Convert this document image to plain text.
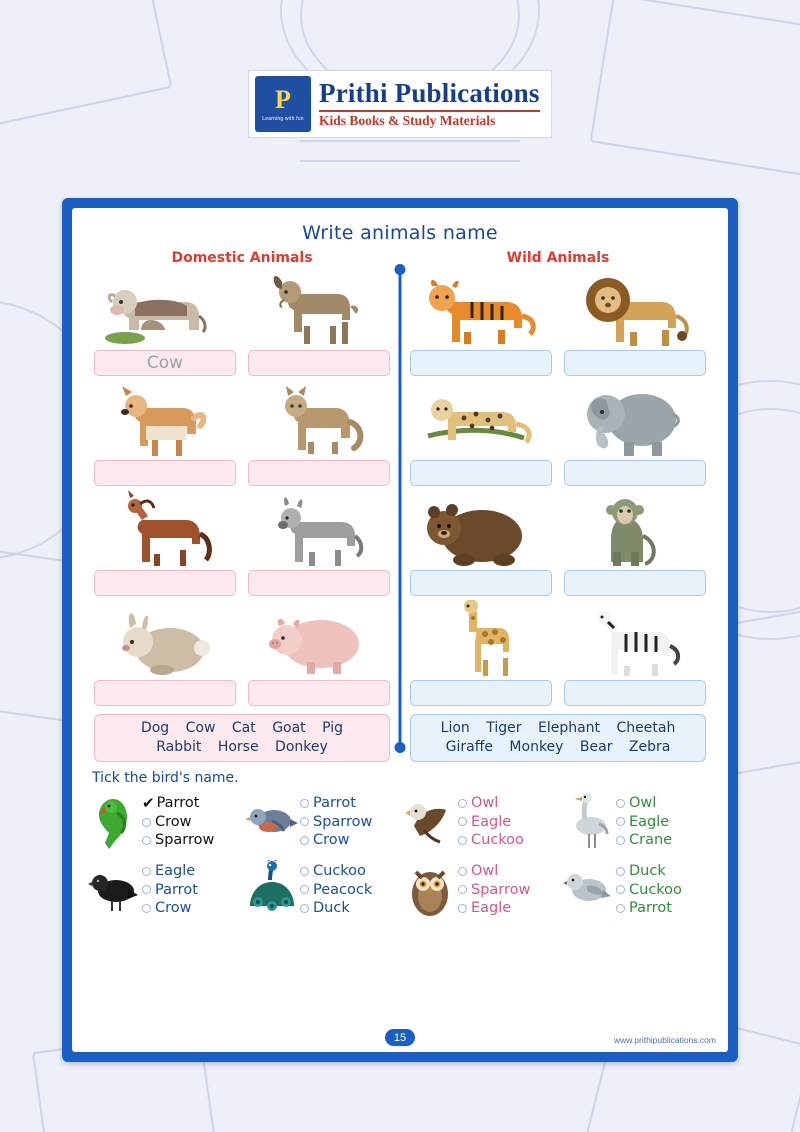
P
Learning with fun
Prithi Publications
Kids Books & Study Materials
Write animals name
Domestic Animals	Wild Animals
Cow
Dog Cow Cat Goat Pig
Rabbit Horse Donkey
Lion Tiger Elephant Cheetah
Giraffe Monkey Bear Zebra
Tick the bird's name.
✔ Parrot
Crow
Sparrow
Parrot
Sparrow
Crow
Owl
Eagle
Cuckoo
Owl
Eagle
Crane
Eagle
Parrot
Crow
Cuckoo
Peacock
Duck
Owl
Sparrow
Eagle
Duck
Cuckoo
Parrot
15	www.prithipublications.com
